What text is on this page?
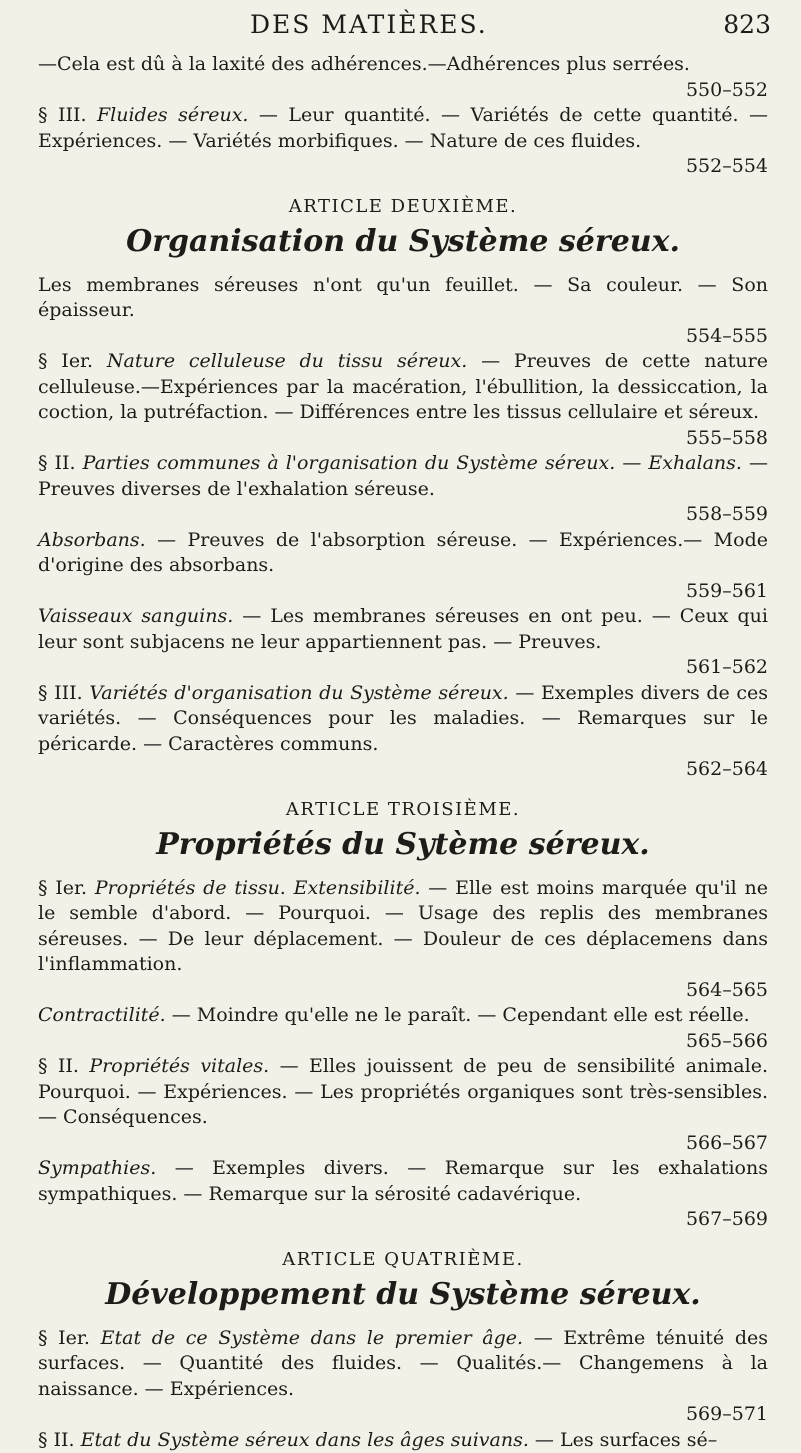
DES MATIÈRES.	823

—Cela est dû à la laxité des adhérences.—Adhérences plus serrées.

550–552

§ III. Fluides séreux. — Leur quantité. — Variétés de cette quantité. — Expériences. — Variétés morbifiques. — Nature de ces fluides.

552–554

ARTICLE DEUXIÈME.
Organisation du Système séreux.

Les membranes séreuses n'ont qu'un feuillet. — Sa couleur. — Son épaisseur.

554–555

§ Ier. Nature celluleuse du tissu séreux. — Preuves de cette nature celluleuse.—Expériences par la macération, l'ébullition, la dessiccation, la coction, la putréfaction. — Différences entre les tissus cellulaire et séreux.

555–558

§ II. Parties communes à l'organisation du Système séreux. — Exhalans. — Preuves diverses de l'exhalation séreuse.

558–559

Absorbans. — Preuves de l'absorption séreuse. — Expériences.— Mode d'origine des absorbans.

559–561

Vaisseaux sanguins. — Les membranes séreuses en ont peu. — Ceux qui leur sont subjacens ne leur appartiennent pas. — Preuves.

561–562

§ III. Variétés d'organisation du Système séreux. — Exemples divers de ces variétés. — Conséquences pour les maladies. — Remarques sur le péricarde. — Caractères communs.

562–564

ARTICLE TROISIÈME.
Propriétés du Sytème séreux.

§ Ier. Propriétés de tissu. Extensibilité. — Elle est moins marquée qu'il ne le semble d'abord. — Pourquoi. — Usage des replis des membranes séreuses. — De leur déplacement. — Douleur de ces déplacemens dans l'inflammation.

564–565

Contractilité. — Moindre qu'elle ne le paraît. — Cependant elle est réelle.

565–566

§ II. Propriétés vitales. — Elles jouissent de peu de sensibilité animale. Pourquoi. — Expériences. — Les propriétés organiques sont très-sensibles. — Conséquences.

566–567

Sympathies. — Exemples divers. — Remarque sur les exhalations sympathiques. — Remarque sur la sérosité cadavérique.

567–569

ARTICLE QUATRIÈME.
Développement du Système séreux.

§ Ier. Etat de ce Système dans le premier âge. — Extrême ténuité des surfaces. — Quantité des fluides. — Qualités.— Changemens à la naissance. — Expériences.

569–571

§ II. Etat du Système séreux dans les âges suivans. — Les surfaces sé–
